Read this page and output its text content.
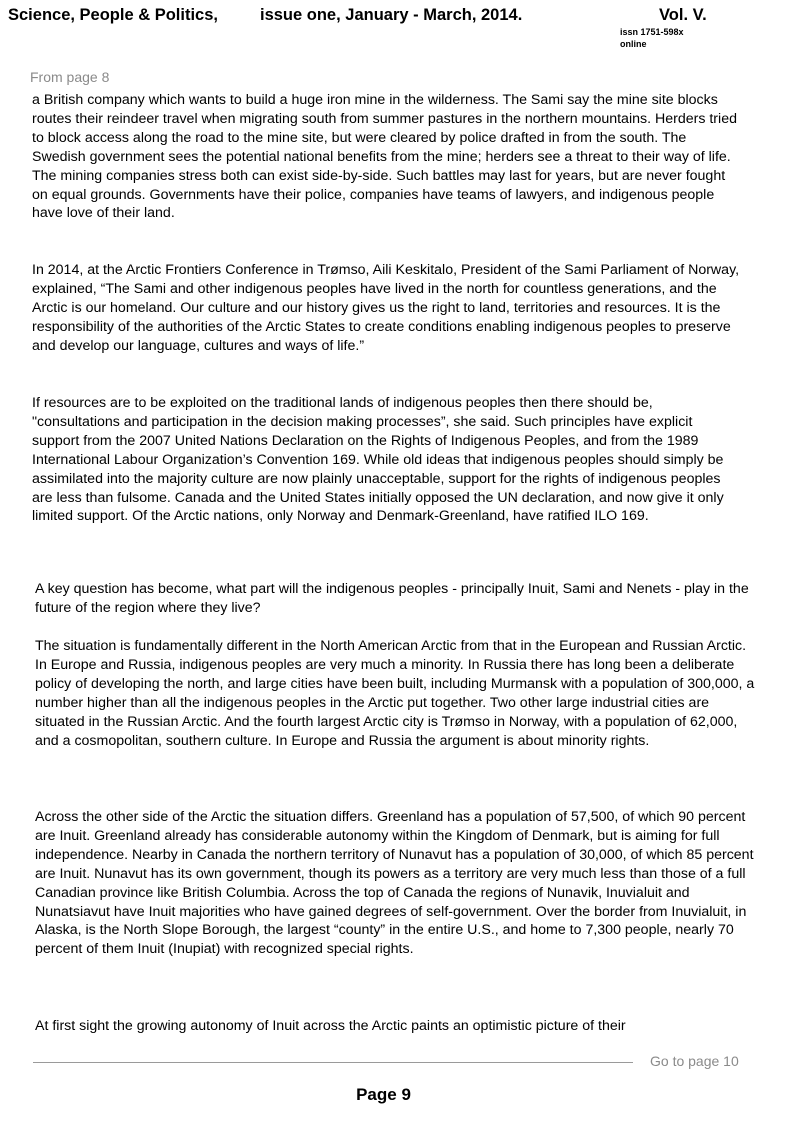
Science, People & Politics,	issue one, January - March, 2014.	Vol. V.
issn 1751-598x
online
From page 8

a British company which wants to build a huge iron mine in the wilderness. The Sami say the mine site blocks routes their reindeer travel when migrating south from summer pastures in the northern mountains. Herders tried to block access along the road to the mine site, but were cleared by police drafted in from the south. The Swedish government sees the potential national benefits from the mine; herders see a threat to their way of life. The mining companies stress both can exist side-by-side. Such battles may last for years, but are never fought on equal grounds. Governments have their police, companies have teams of lawyers, and indigenous people have love of their land.

In 2014, at the Arctic Frontiers Conference in Trømso, Aili Keskitalo, President of the Sami Parliament of Norway, explained, “The Sami and other indigenous peoples have lived in the north for countless generations, and the Arctic is our homeland. Our culture and our history gives us the right to land, territories and resources. It is the responsibility of the authorities of the Arctic States to create conditions enabling indigenous peoples to preserve and develop our language, cultures and ways of life.”

If resources are to be exploited on the traditional lands of indigenous peoples then there should be, "consultations and participation in the decision making processes”, she said. Such principles have explicit support from the 2007 United Nations Declaration on the Rights of Indigenous Peoples, and from the 1989 International Labour Organization’s Convention 169. While old ideas that indigenous peoples should simply be assimilated into the majority culture are now plainly unacceptable, support for the rights of indigenous peoples are less than fulsome. Canada and the United States initially opposed the UN declaration, and now give it only limited support. Of the Arctic nations, only Norway and Denmark-Greenland, have ratified ILO 169.

A key question has become, what part will the indigenous peoples - principally Inuit, Sami and Nenets - play in the future of the region where they live?

The situation is fundamentally different in the North American Arctic from that in the European and Russian Arctic. In Europe and Russia, indigenous peoples are very much a minority. In Russia there has long been a deliberate policy of developing the north, and large cities have been built, including Murmansk with a population of 300,000, a number higher than all the indigenous peoples in the Arctic put together. Two other large industrial cities are situated in the Russian Arctic. And the fourth largest Arctic city is Trømso in Norway, with a population of 62,000, and a cosmopolitan, southern culture. In Europe and Russia the argument is about minority rights.

Across the other side of the Arctic the situation differs. Greenland has a population of 57,500, of which 90 percent are Inuit. Greenland already has considerable autonomy within the Kingdom of Denmark, but is aiming for full independence. Nearby in Canada the northern territory of Nunavut has a population of 30,000, of which 85 percent are Inuit. Nunavut has its own government, though its powers as a territory are very much less than those of a full Canadian province like British Columbia. Across the top of Canada the regions of Nunavik, Inuvialuit and Nunatsiavut have Inuit majorities who have gained degrees of self-government. Over the border from Inuvialuit, in Alaska, is the North Slope Borough, the largest “county” in the entire U.S., and home to 7,300 people, nearly 70 percent of them Inuit (Inupiat) with recognized special rights.

At first sight the growing autonomy of Inuit across the Arctic paints an optimistic picture of their

Go to page 10
Page 9
